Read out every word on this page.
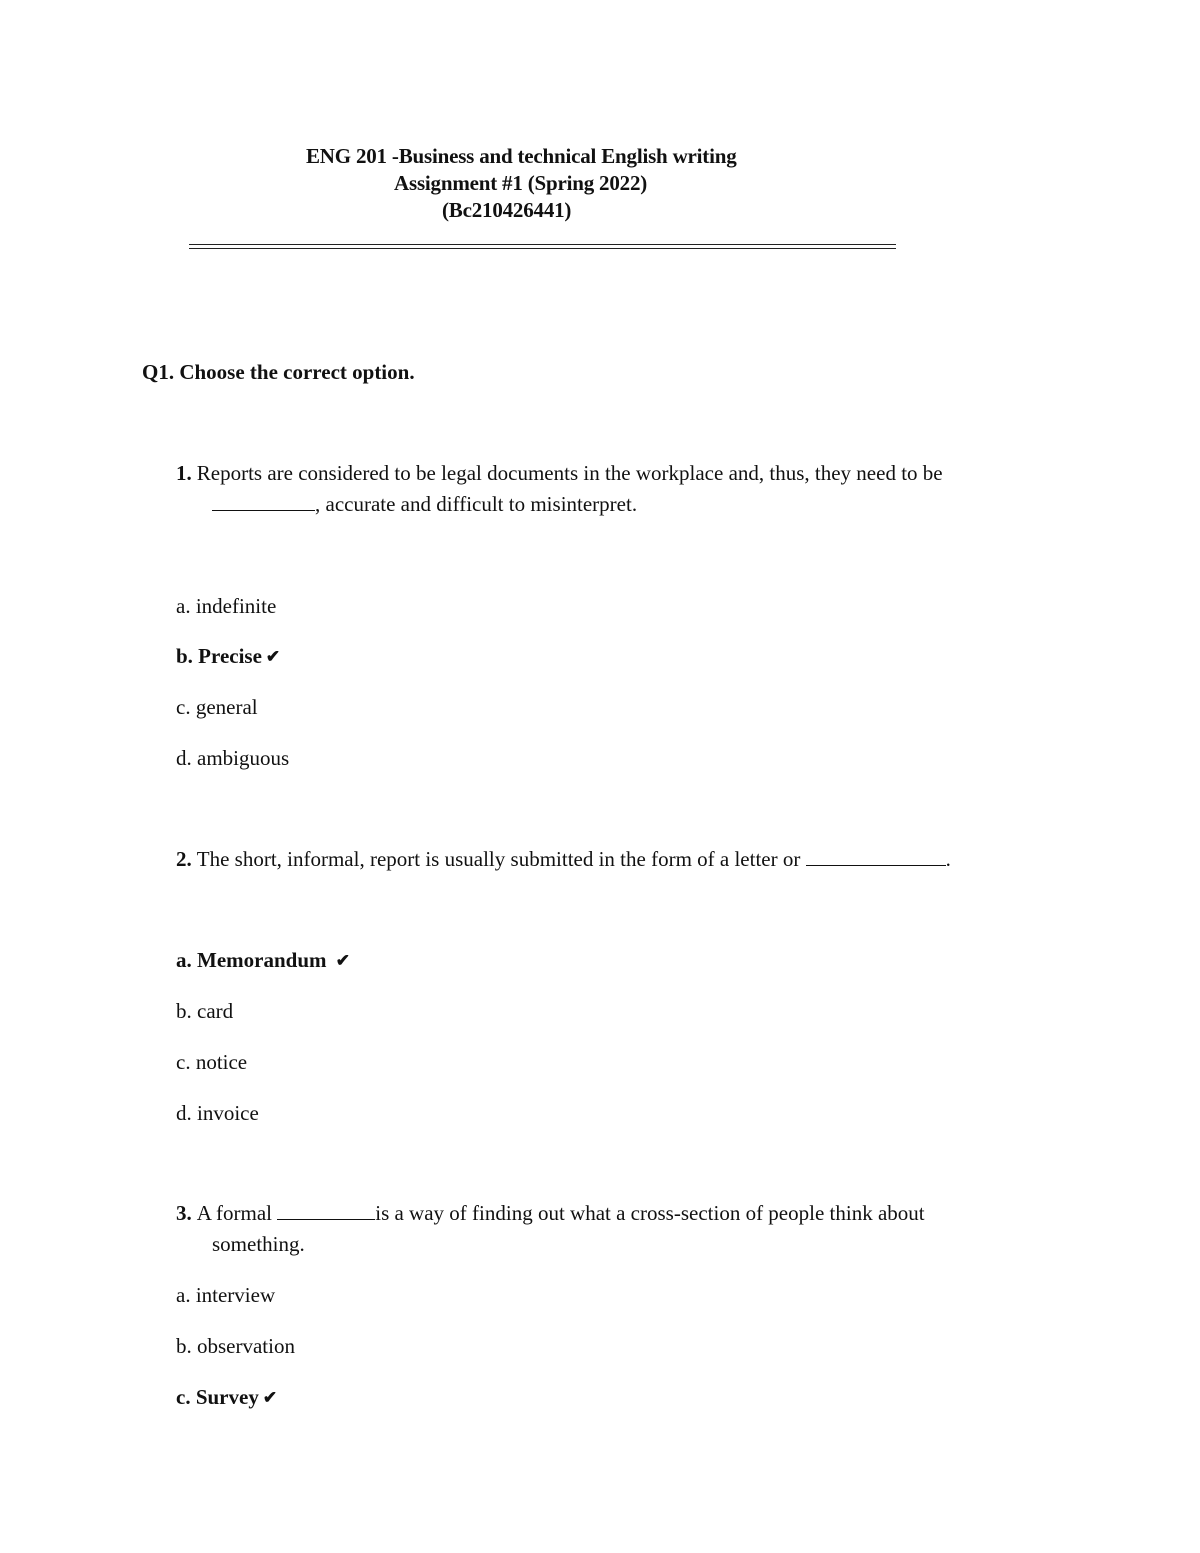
ENG 201 -Business and technical English writing
Assignment #1 (Spring 2022)
(Bc210426441)
Q1. Choose the correct option.
1. Reports are considered to be legal documents in the workplace and, thus, they need to be
, accurate and difficult to misinterpret.
a. indefinite
b. Precise ✔
c. general
d. ambiguous
2. The short, informal, report is usually submitted in the form of a letter or	.
a. Memorandum ✔
b. card
c. notice
d. invoice
3. A formal	is a way of finding out what a cross-section of people think about
something.
a. interview
b. observation
c. Survey ✔
